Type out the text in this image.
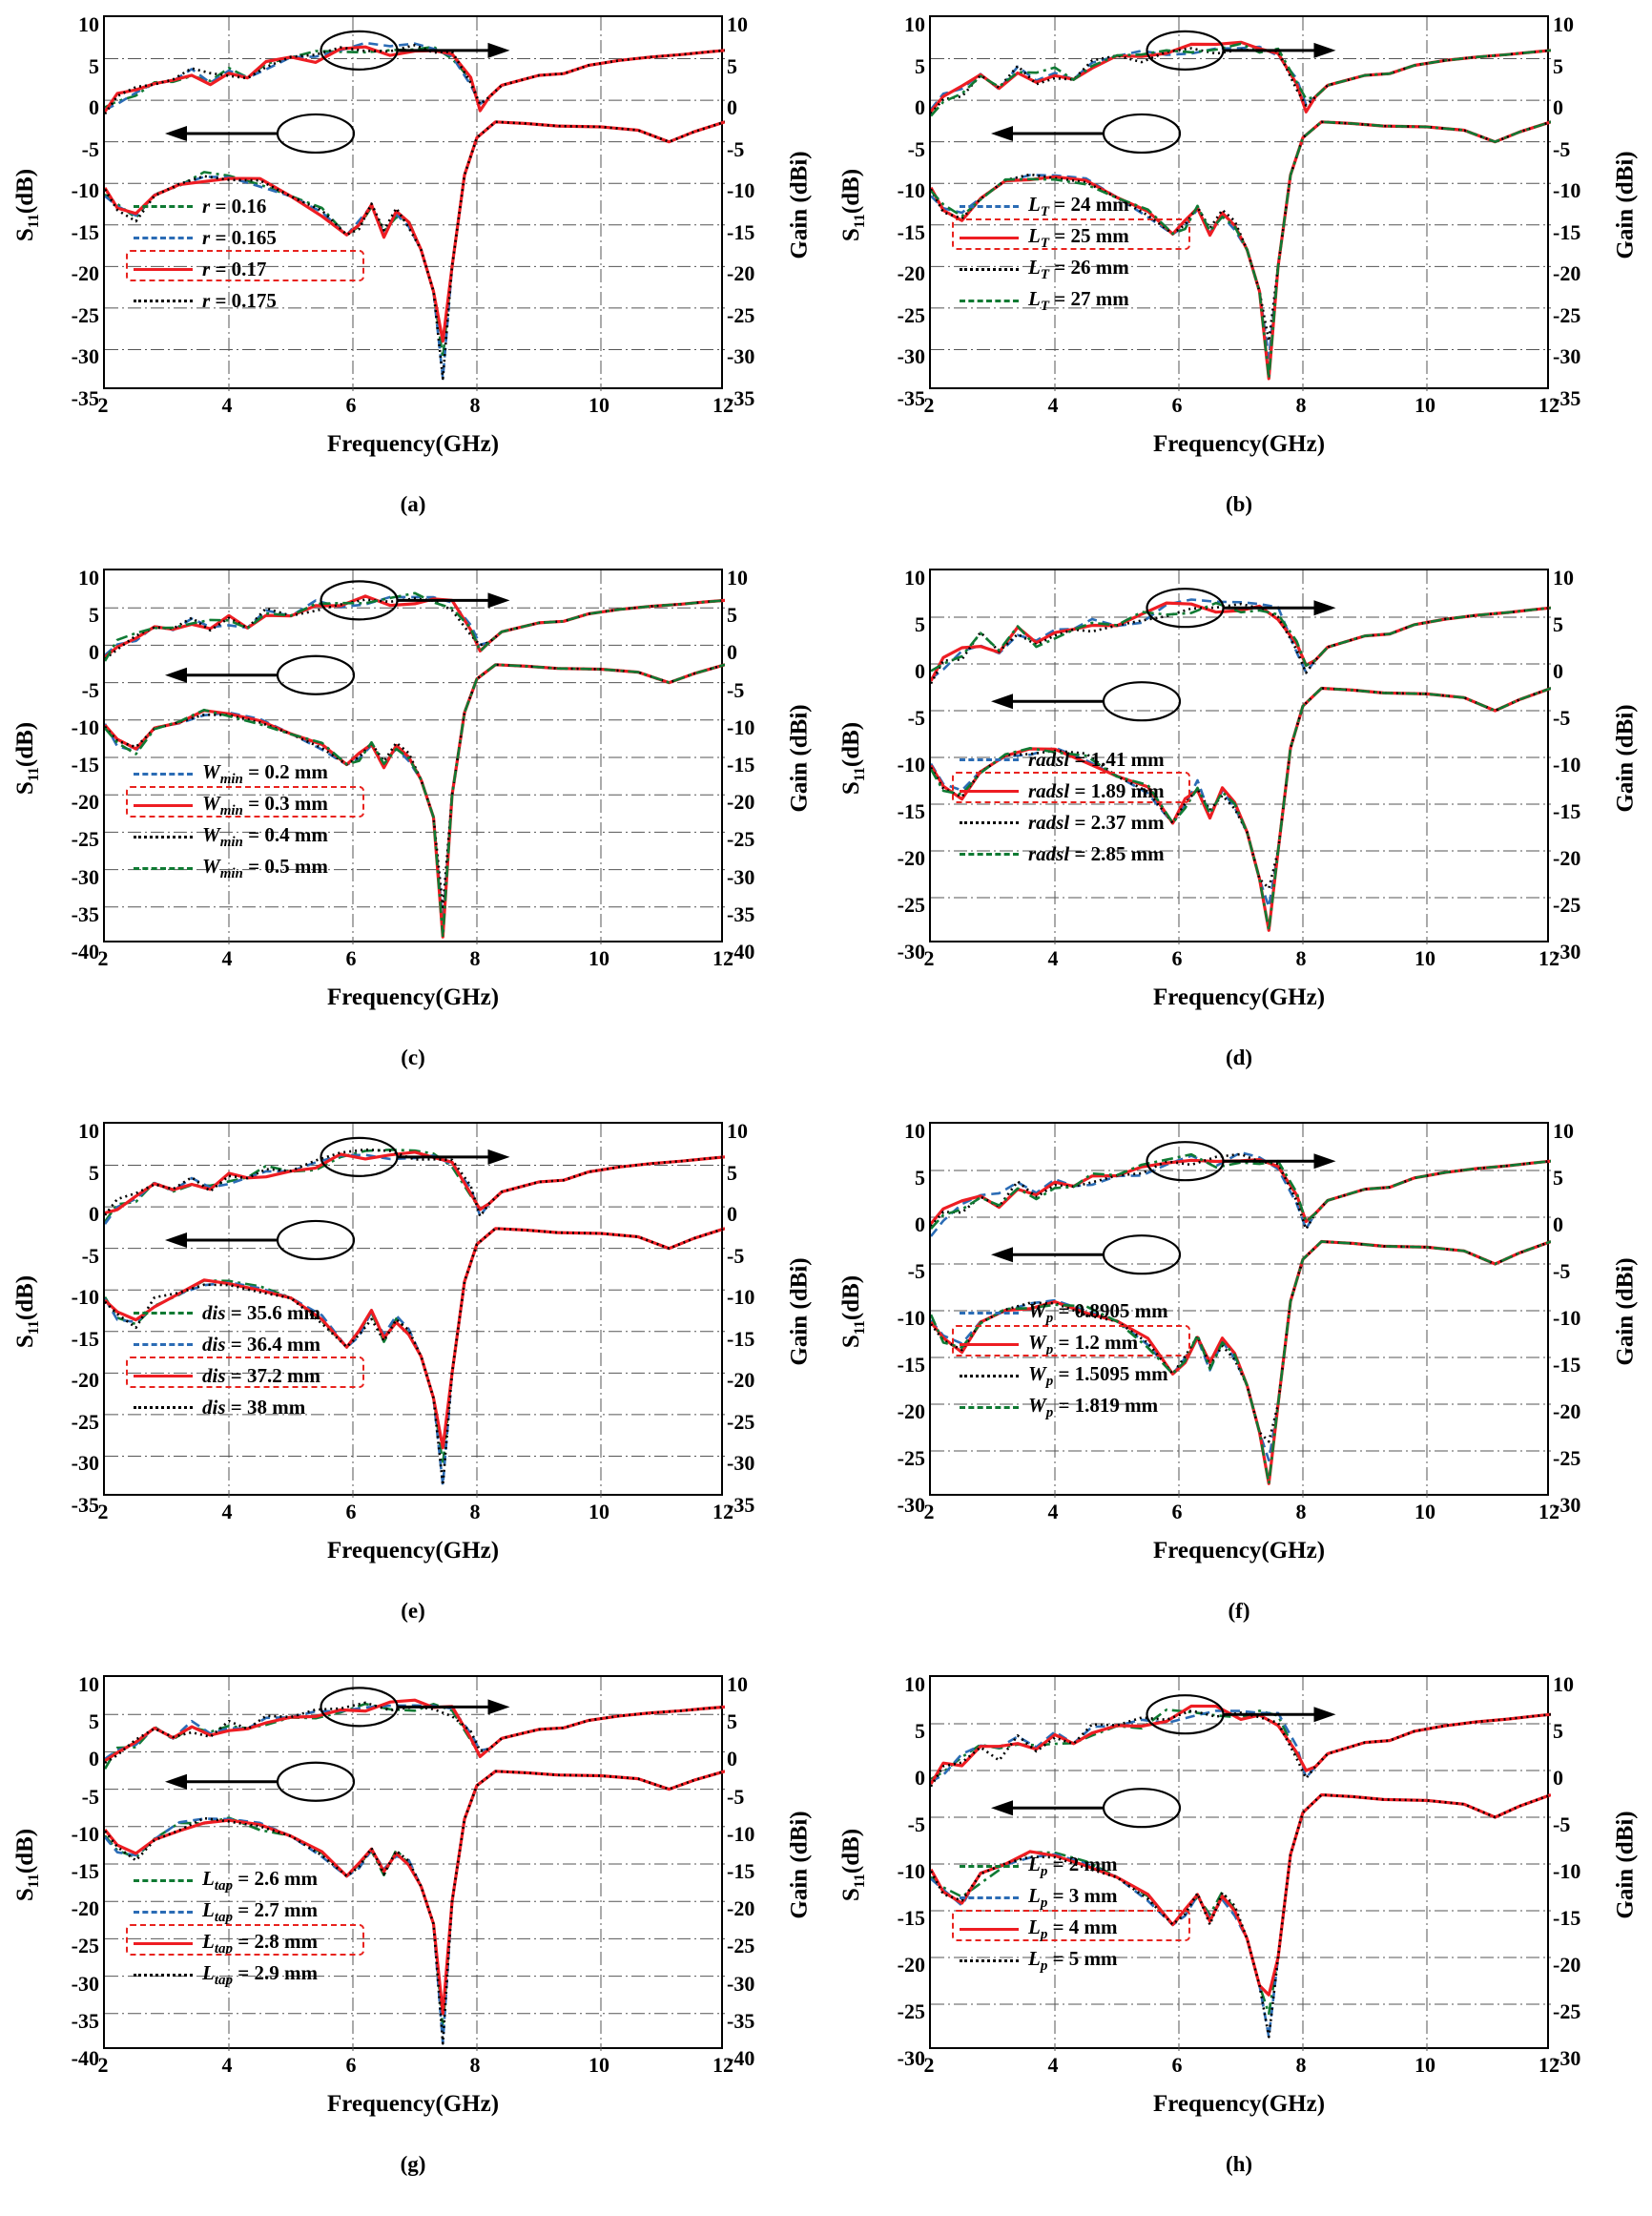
$S_{11}(dB)$	Gain (dBi)
10
5
0
-5
-10
-15
-20
-25
-30
-35
10
5
0
-5
-10
-15
-20
-25
-30
-35
2	4	6	8	10	12
Frequency(GHz)
r = 0.16
r = 0.165
r = 0.17
r = 0.175
(a)
$S_{11}(dB)$	Gain (dBi)
10
5
0
-5
-10
-15
-20
-25
-30
-35
10
5
0
-5
-10
-15
-20
-25
-30
-35
2	4	6	8	10	12
Frequency(GHz)
$L_T = 24$ mm
$L_T = 25$ mm
$L_T = 26$ mm
$L_T = 27$ mm
(b)
$S_{11}(dB)$	Gain (dBi)
10
5
0
-5
-10
-15
-20
-25
-30
-35
-40
10
5
0
-5
-10
-15
-20
-25
-30
-35
-40
2	4	6	8	10	12
Frequency(GHz)
$W_{min} = 0.2$ mm
$W_{min} = 0.3$ mm
$W_{min} = 0.4$ mm
$W_{min} = 0.5$ mm
(c)
$S_{11}(dB)$	Gain (dBi)
10
5
0
-5
-10
-15
-20
-25
-30
10
5
0
-5
-10
-15
-20
-25
-30
2	4	6	8	10	12
Frequency(GHz)
radsl = 1.41 mm
radsl = 1.89 mm
radsl = 2.37 mm
radsl = 2.85 mm
(d)
$S_{11}(dB)$	Gain (dBi)
10
5
0
-5
-10
-15
-20
-25
-30
-35
10
5
0
-5
-10
-15
-20
-25
-30
-35
2	4	6	8	10	12
Frequency(GHz)
dis = 35.6 mm
dis = 36.4 mm
dis = 37.2 mm
dis = 38 mm
(e)
$S_{11}(dB)$	Gain (dBi)
10
5
0
-5
-10
-15
-20
-25
-30
10
5
0
-5
-10
-15
-20
-25
-30
2	4	6	8	10	12
Frequency(GHz)
$W_p = 0.8905$ mm
$W_p = 1.2$ mm
$W_p = 1.5095$ mm
$W_p = 1.819$ mm
(f)
$S_{11}(dB)$	Gain (dBi)
10
5
0
-5
-10
-15
-20
-25
-30
-35
-40
10
5
0
-5
-10
-15
-20
-25
-30
-35
-40
2	4	6	8	10	12
Frequency(GHz)
$L_{tap} = 2.6$ mm
$L_{tap} = 2.7$ mm
$L_{tap} = 2.8$ mm
$L_{tap} = 2.9$ mm
(g)
$S_{11}(dB)$	Gain (dBi)
10
5
0
-5
-10
-15
-20
-25
-30
10
5
0
-5
-10
-15
-20
-25
-30
2	4	6	8	10	12
Frequency(GHz)
$L_p = 2$ mm
$L_p = 3$ mm
$L_p = 4$ mm
$L_p = 5$ mm
(h)
